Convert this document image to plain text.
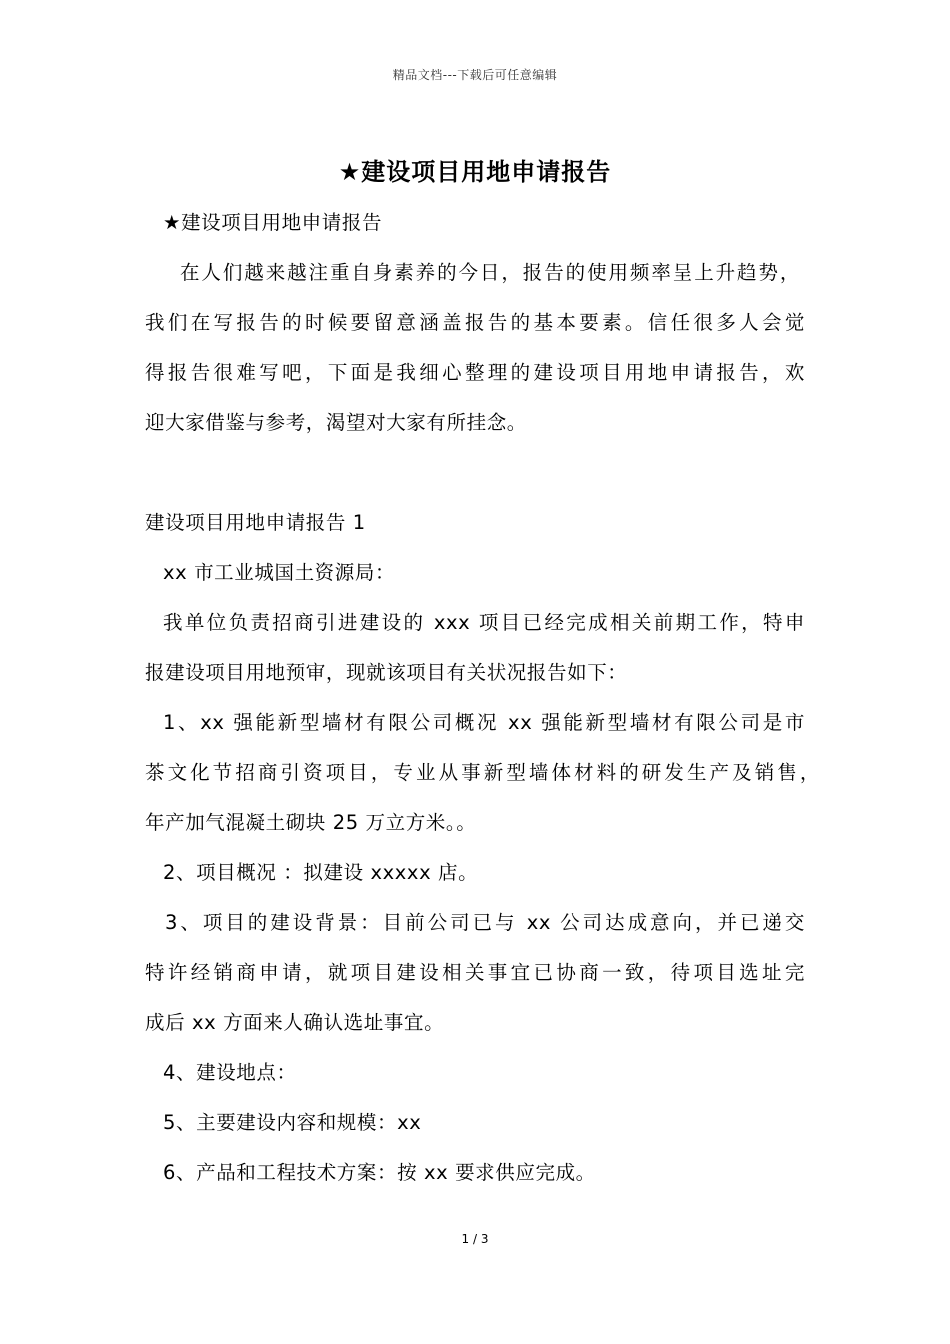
精品文档---下载后可任意编辑
★建设项目用地申请报告
★建设项目用地申请报告
在人们越来越注重自身素养的今日，报告的使用频率呈上升趋势，
我们在写报告的时候要留意涵盖报告的基本要素。信任很多人会觉
得报告很难写吧，下面是我细心整理的建设项目用地申请报告，欢
迎大家借鉴与参考，渴望对大家有所挂念。
建设项目用地申请报告 1
xx 市工业城国土资源局：
我单位负责招商引进建设的 xxx 项目已经完成相关前期工作，特申
报建设项目用地预审，现就该项目有关状况报告如下：
1、xx 强能新型墙材有限公司概况 xx 强能新型墙材有限公司是市
茶文化节招商引资项目，专业从事新型墙体材料的研发生产及销售，
年产加气混凝土砌块 25 万立方米。。
2、项目概况 ：拟建设 xxxxx 店。
3、项目的建设背景：目前公司已与 xx 公司达成意向，并已递交
特许经销商申请，就项目建设相关事宜已协商一致，待项目选址完
成后 xx 方面来人确认选址事宜。
4、建设地点：
5、主要建设内容和规模：xx
6、产品和工程技术方案：按 xx 要求供应完成。
1 / 3
